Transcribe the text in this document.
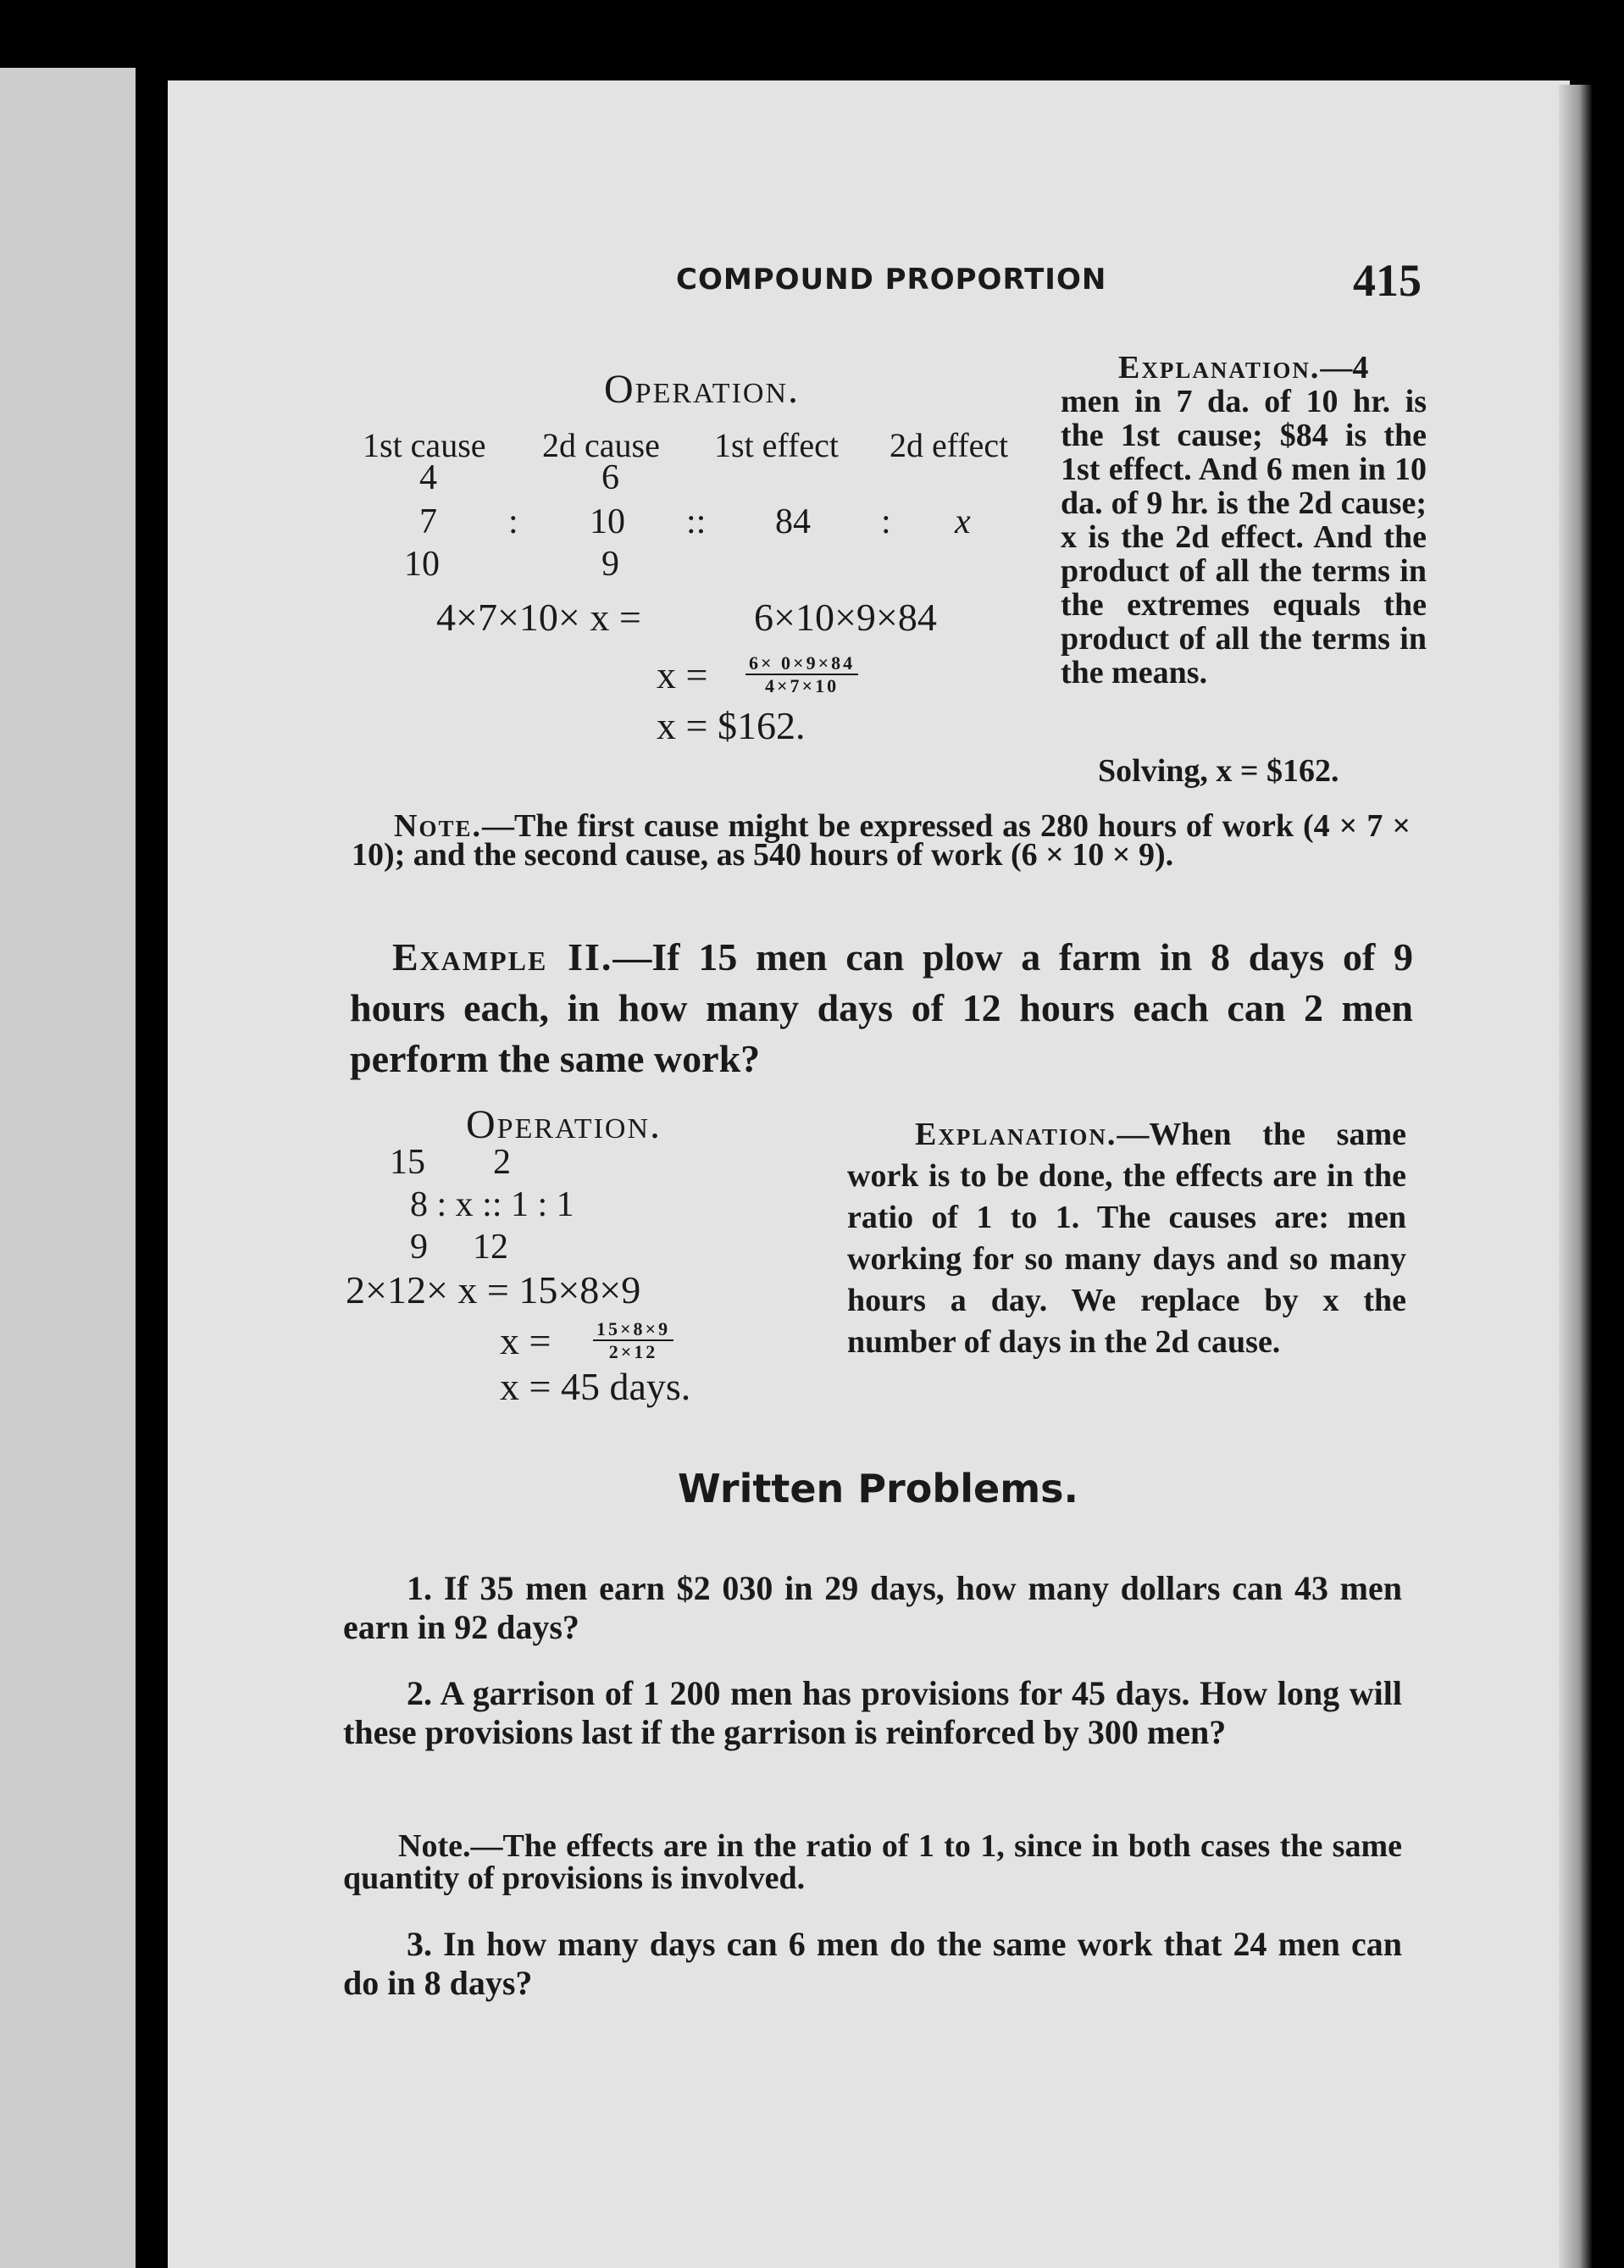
COMPOUND PROPORTION	415
Operation.
1st cause 2d cause 1st effect 2d effect
4	6
7 : 10 :: 84 : x
10	9
4×7×10× x =	6×10×9×84
$x = \frac{6\times 0\times 9\times 84}{4\times 7\times 10}$
x = $162.
Explanation.—4 men in 7 da. of 10 hr. is the 1st cause; $84 is the 1st effect. And 6 men in 10 da. of 9 hr. is the 2d cause; x is the 2d effect. And the product of all the terms in the extremes equals the product of all the terms in the means.
Solving, x = $162.
Note.—The first cause might be expressed as 280 hours of work (4 × 7 × 10); and the second cause, as 540 hours of work (6 × 10 × 9).
Example II.—If 15 men can plow a farm in 8 days of 9 hours each, in how many days of 12 hours each can 2 men perform the same work?
Operation.
15 2
8 : x :: 1 : 1
9 12
2×12× x = 15×8×9
$x = \frac{15\times 8\times 9}{2\times 12}$
x = 45 days.
Explanation.—When the same work is to be done, the effects are in the ratio of 1 to 1. The causes are: men working for so many days and so many hours a day. We replace by x the number of days in the 2d cause.
Written Problems.
1. If 35 men earn $2 030 in 29 days, how many dollars can 43 men earn in 92 days?
2. A garrison of 1 200 men has provisions for 45 days. How long will these provisions last if the garrison is reinforced by 300 men?
Note.—The effects are in the ratio of 1 to 1, since in both cases the same quantity of provisions is involved.
3. In how many days can 6 men do the same work that 24 men can do in 8 days?
